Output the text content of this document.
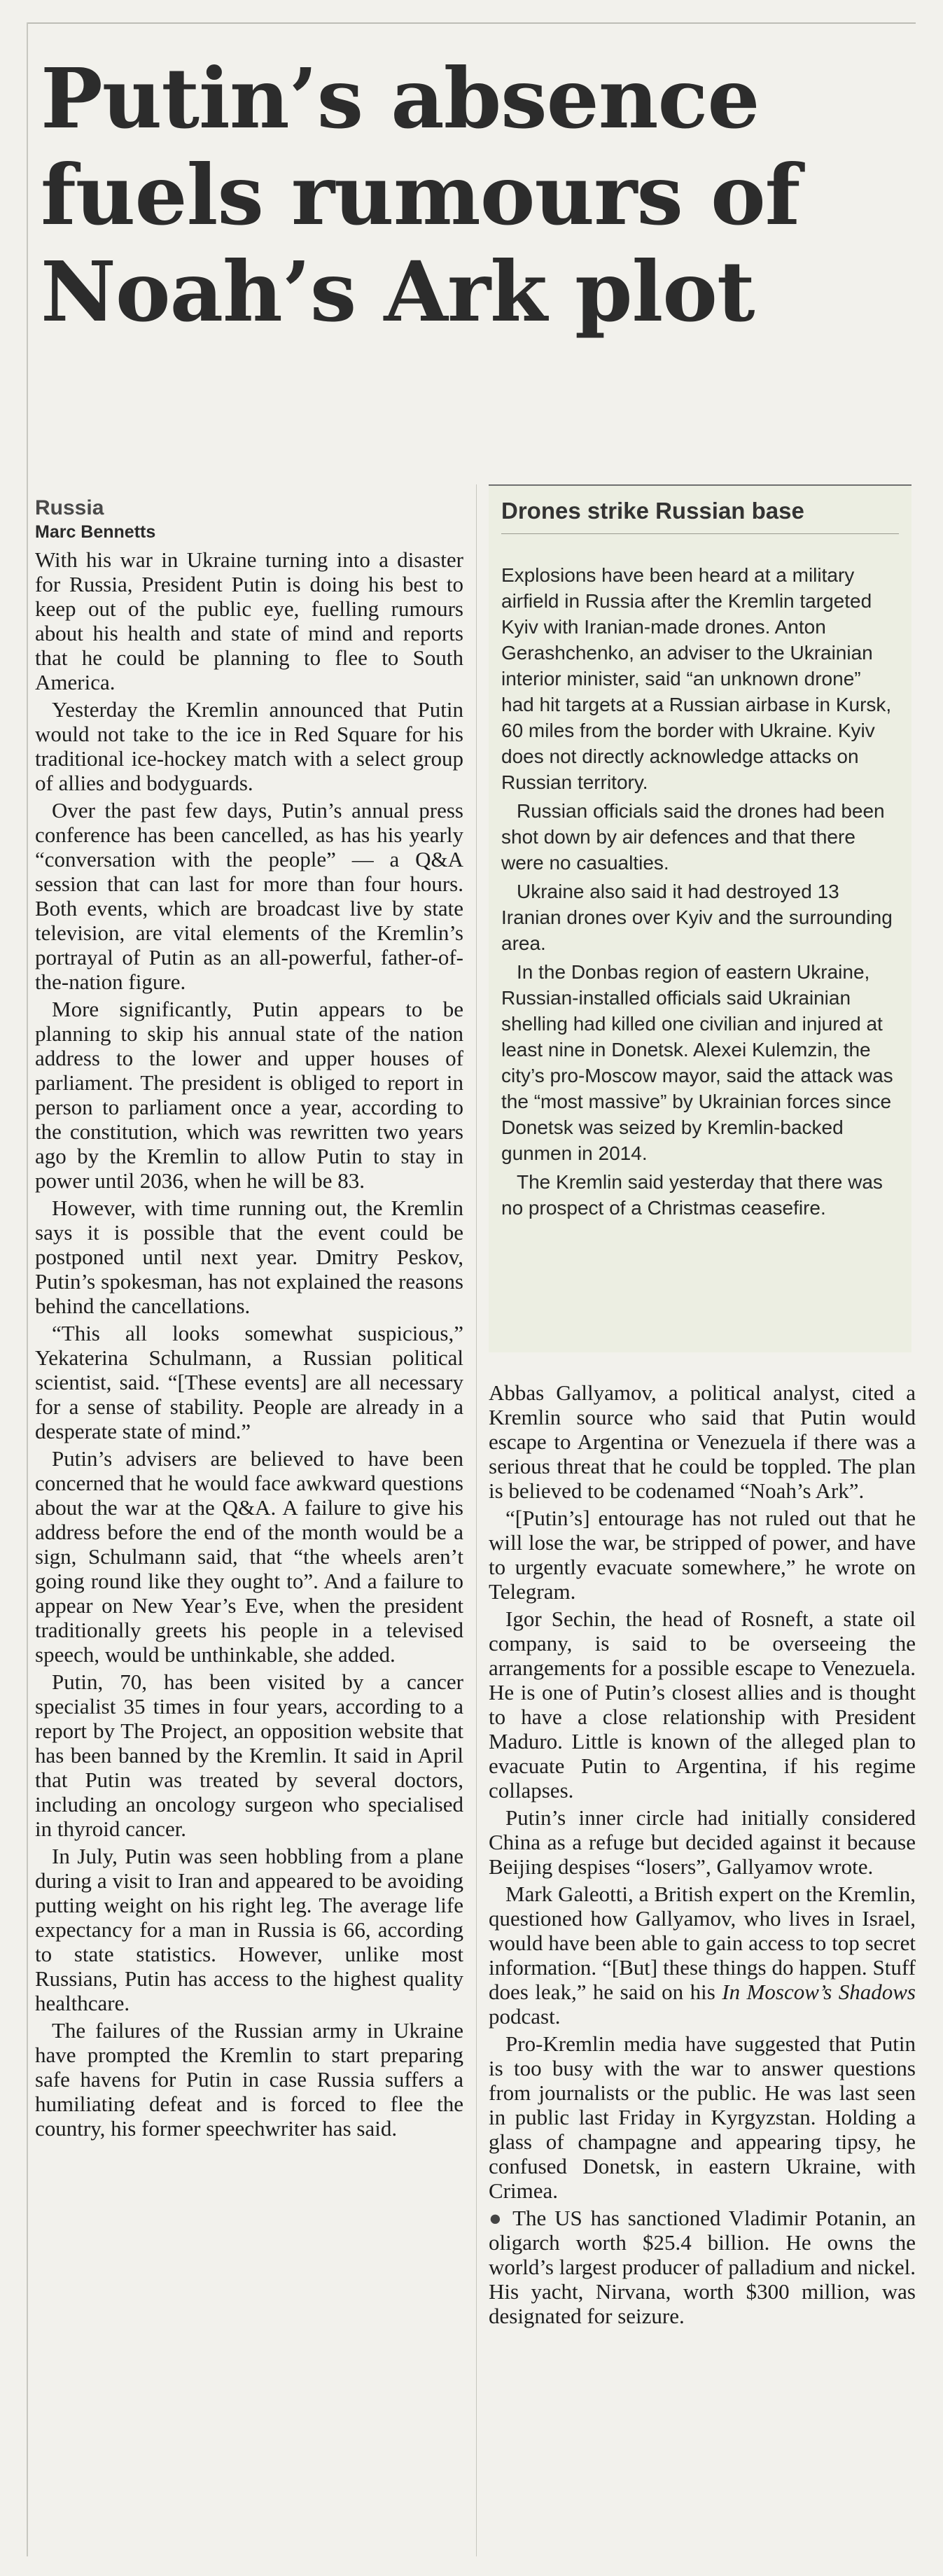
Putin’s absence
fuels rumours of
Noah’s Ark plot
Russia
Marc Bennetts

With his war in Ukraine turning into a disaster for Russia, President Putin is doing his best to keep out of the public eye, fuelling rumours about his health and state of mind and reports that he could be planning to flee to South America.

Yesterday the Kremlin announced that Putin would not take to the ice in Red Square for his traditional ice-hockey match with a select group of allies and bodyguards.

Over the past few days, Putin’s annual press conference has been cancelled, as has his yearly “conversation with the people” — a Q&A session that can last for more than four hours. Both events, which are broadcast live by state television, are vital elements of the Kremlin’s portrayal of Putin as an all-powerful, father-of-the-nation figure.

More significantly, Putin appears to be planning to skip his annual state of the nation address to the lower and upper houses of parliament. The president is obliged to report in person to parliament once a year, according to the constitution, which was rewritten two years ago by the Kremlin to allow Putin to stay in power until 2036, when he will be 83.

However, with time running out, the Kremlin says it is possible that the event could be postponed until next year. Dmitry Peskov, Putin’s spokesman, has not explained the reasons behind the cancellations.

“This all looks somewhat suspicious,” Yekaterina Schulmann, a Russian political scientist, said. “[These events] are all necessary for a sense of stability. People are already in a desperate state of mind.”

Putin’s advisers are believed to have been concerned that he would face awkward questions about the war at the Q&A. A failure to give his address before the end of the month would be a sign, Schulmann said, that “the wheels aren’t going round like they ought to”. And a failure to appear on New Year’s Eve, when the president traditionally greets his people in a televised speech, would be unthinkable, she added.

Putin, 70, has been visited by a cancer specialist 35 times in four years, according to a report by The Project, an opposition website that has been banned by the Kremlin. It said in April that Putin was treated by several doctors, including an oncology surgeon who specialised in thyroid cancer.

In July, Putin was seen hobbling from a plane during a visit to Iran and appeared to be avoiding putting weight on his right leg. The average life expectancy for a man in Russia is 66, according to state statistics. However, unlike most Russians, Putin has access to the highest quality healthcare.

The failures of the Russian army in Ukraine have prompted the Kremlin to start preparing safe havens for Putin in case Russia suffers a humiliating defeat and is forced to flee the country, his former speechwriter has said.

Drones strike Russian base

Explosions have been heard at a military airfield in Russia after the Kremlin targeted Kyiv with Iranian-made drones. Anton Gerashchenko, an adviser to the Ukrainian interior minister, said “an unknown drone” had hit targets at a Russian airbase in Kursk, 60 miles from the border with Ukraine. Kyiv does not directly acknowledge attacks on Russian territory.

Russian officials said the drones had been shot down by air defences and that there were no casualties.

Ukraine also said it had destroyed 13 Iranian drones over Kyiv and the surrounding area.

In the Donbas region of eastern Ukraine, Russian-installed officials said Ukrainian shelling had killed one civilian and injured at least nine in Donetsk. Alexei Kulemzin, the city’s pro-Moscow mayor, said the attack was the “most massive” by Ukrainian forces since Donetsk was seized by Kremlin-backed gunmen in 2014.

The Kremlin said yesterday that there was no prospect of a Christmas ceasefire.

Abbas Gallyamov, a political analyst, cited a Kremlin source who said that Putin would escape to Argentina or Venezuela if there was a serious threat that he could be toppled. The plan is believed to be codenamed “Noah’s Ark”.

“[Putin’s] entourage has not ruled out that he will lose the war, be stripped of power, and have to urgently evacuate somewhere,” he wrote on Telegram.

Igor Sechin, the head of Rosneft, a state oil company, is said to be overseeing the arrangements for a possible escape to Venezuela. He is one of Putin’s closest allies and is thought to have a close relationship with President Maduro. Little is known of the alleged plan to evacuate Putin to Argentina, if his regime collapses.

Putin’s inner circle had initially considered China as a refuge but decided against it because Beijing despises “losers”, Gallyamov wrote.

Mark Galeotti, a British expert on the Kremlin, questioned how Gallyamov, who lives in Israel, would have been able to gain access to top secret information. “[But] these things do happen. Stuff does leak,” he said on his In Moscow’s Shadows podcast.

Pro-Kremlin media have suggested that Putin is too busy with the war to answer questions from journalists or the public. He was last seen in public last Friday in Kyrgyzstan. Holding a glass of champagne and appearing tipsy, he confused Donetsk, in eastern Ukraine, with Crimea.

● The US has sanctioned Vladimir Potanin, an oligarch worth $25.4 billion. He owns the world’s largest producer of palladium and nickel. His yacht, Nirvana, worth $300 million, was designated for seizure.
